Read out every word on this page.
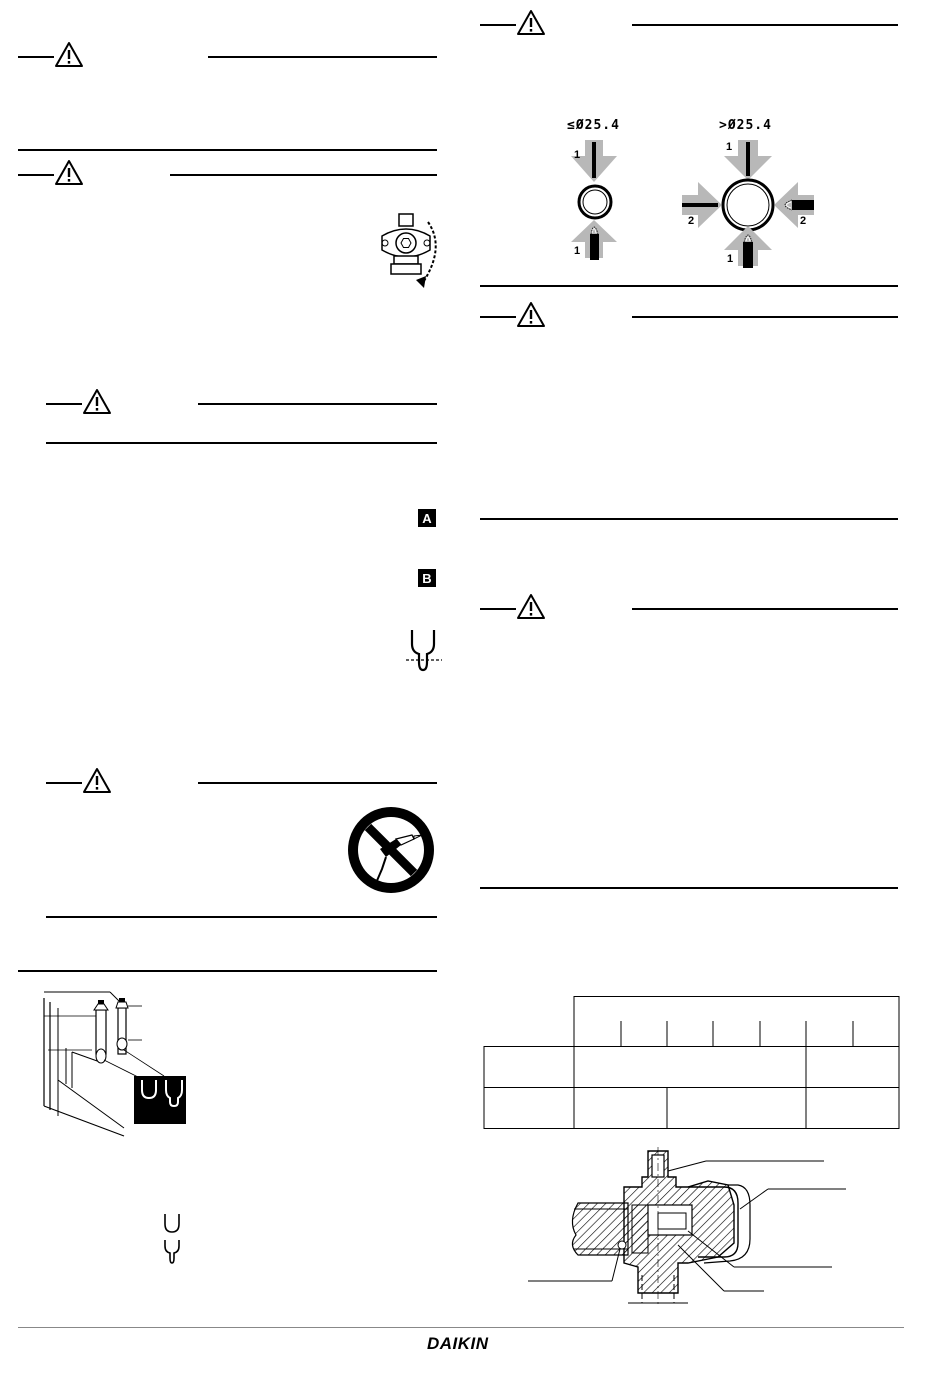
A
B
≤Ø25.4	>Ø25.4
1
1
1
2	2
1
DAIKIN
